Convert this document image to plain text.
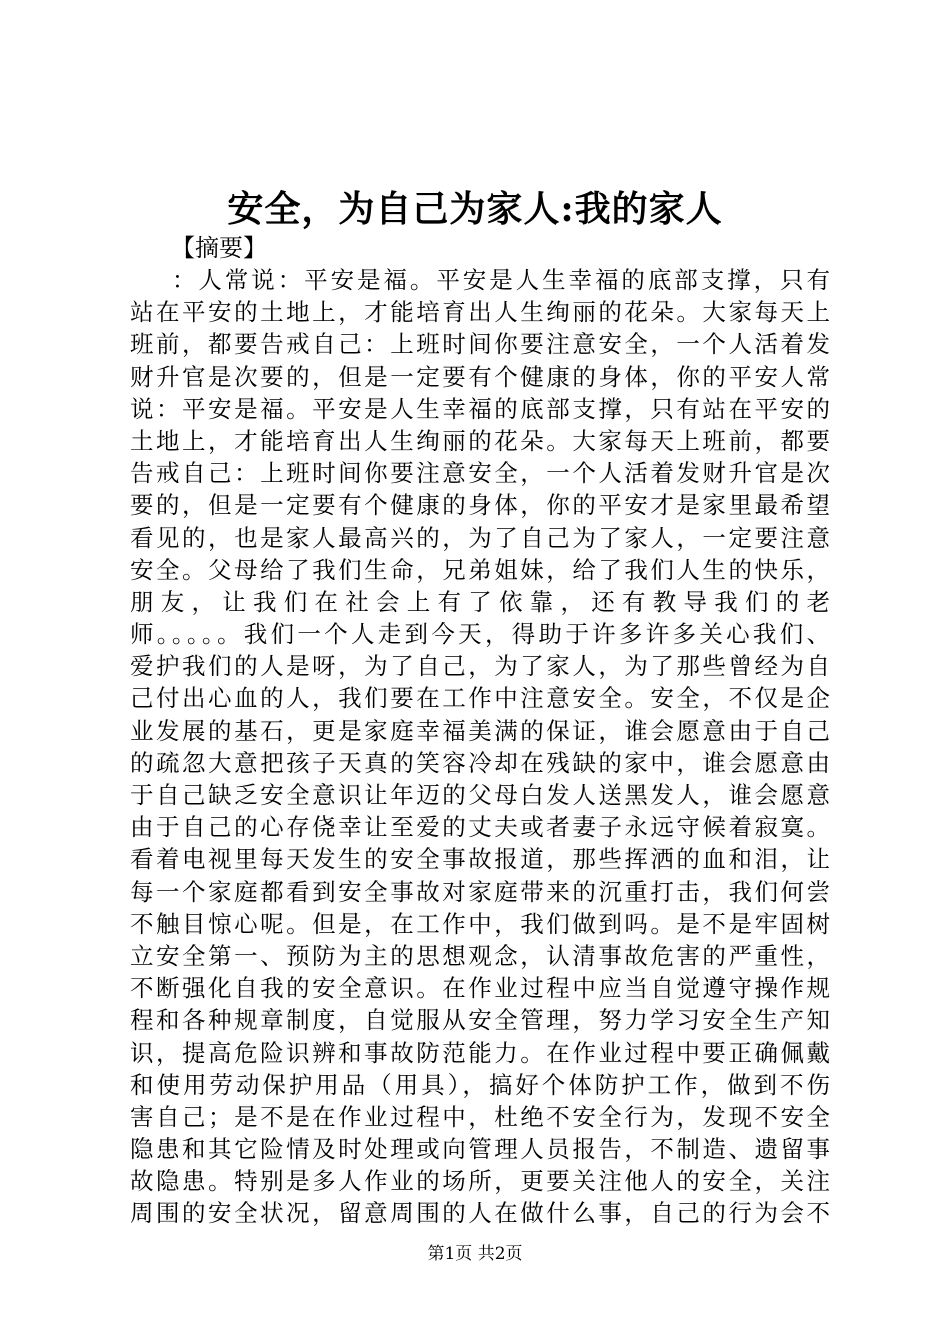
安全，为自己为家人:我的家人
【摘要】
：人常说：平安是福。平安是人生幸福的底部支撑，只有
站在平安的土地上，才能培育出人生绚丽的花朵。大家每天上
班前，都要告戒自己：上班时间你要注意安全，一个人活着发
财升官是次要的，但是一定要有个健康的身体，你的平安人常
说：平安是福。平安是人生幸福的底部支撑，只有站在平安的
土地上，才能培育出人生绚丽的花朵。大家每天上班前，都要
告戒自己：上班时间你要注意安全，一个人活着发财升官是次
要的，但是一定要有个健康的身体，你的平安才是家里最希望
看见的，也是家人最高兴的，为了自己为了家人，一定要注意
安全。父母给了我们生命，兄弟姐妹，给了我们人生的快乐，
朋友，让我们在社会上有了依靠，还有教导我们的老
师。。。。。我们一个人走到今天，得助于许多许多关心我们、
爱护我们的人是呀，为了自己，为了家人，为了那些曾经为自
己付出心血的人，我们要在工作中注意安全。安全，不仅是企
业发展的基石，更是家庭幸福美满的保证，谁会愿意由于自己
的疏忽大意把孩子天真的笑容冷却在残缺的家中，谁会愿意由
于自己缺乏安全意识让年迈的父母白发人送黑发人，谁会愿意
由于自己的心存侥幸让至爱的丈夫或者妻子永远守候着寂寞。
看着电视里每天发生的安全事故报道，那些挥洒的血和泪，让
每一个家庭都看到安全事故对家庭带来的沉重打击，我们何尝
不触目惊心呢。但是，在工作中，我们做到吗。是不是牢固树
立安全第一、预防为主的思想观念，认清事故危害的严重性，
不断强化自我的安全意识。在作业过程中应当自觉遵守操作规
程和各种规章制度，自觉服从安全管理，努力学习安全生产知
识，提高危险识辨和事故防范能力。在作业过程中要正确佩戴
和使用劳动保护用品（用具），搞好个体防护工作，做到不伤
害自己；是不是在作业过程中，杜绝不安全行为，发现不安全
隐患和其它险情及时处理或向管理人员报告，不制造、遗留事
故隐患。特别是多人作业的场所，更要关注他人的安全，关注
周围的安全状况，留意周围的人在做什么事，自己的行为会不
第1页 共2页
